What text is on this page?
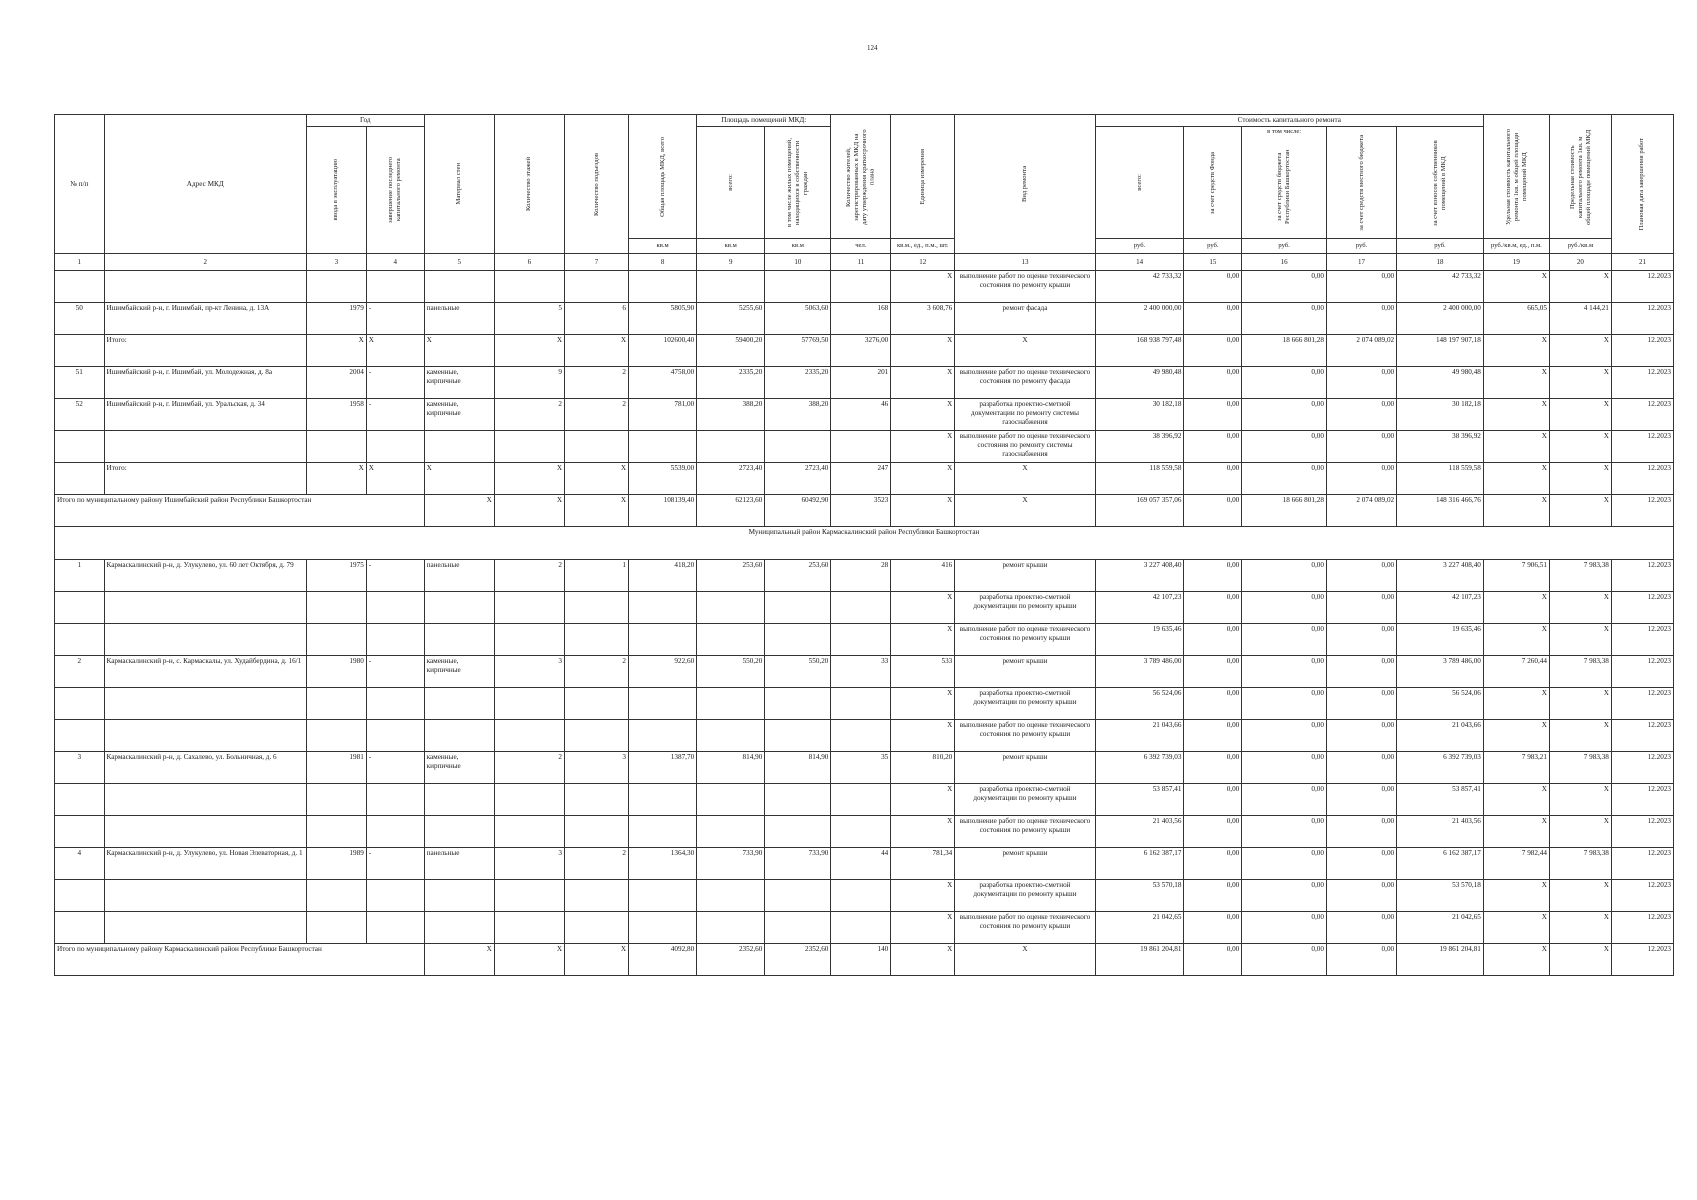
124
№ п/п	Адрес МКД	Год		Материал стен	Количество этажей	Количество подъездов	Общая площадь МКД, всего	Площадь помещений МКД:		Количество жителей, зарегистрированных в МКД на дату утверждения краткосрочного плана	Единица измерения	Вид ремонта	Стоимость капитального ремонта					Удельная стоимость капитального ремонта 1кв. м общей площади помещений МКД	Предельная стоимость капитального ремонта 1кв. м общей площади помещений МКД	Плановая дата завершения работ

		ввода в эксплуатацию	завершение последнего капитального ремонта					всего:	в том числе жилых помещений, находящихся в собственности граждан				всего:	за счет средств Фонда	в том числе:
за счет средств бюджета Республики Башкортостан	за счет средств местного бюджета	за счет взносов собственников помещений в МКД			

							кв.м	кв.м	кв.м	чел.	кв.м., ед., п.м., шт.		руб.	руб.	руб.	руб.	руб.	руб./кв.м, ед., п.м.	руб./кв.м	
1	2	3	4	5	6	7	8	9	10	11	12	13	14	15	16	17	18	19	20	21
											X	выполнение работ по оценке технического состояния по ремонту крыши	42 733,32	0,00	0,00	0,00	42 733,32	X	X	12.2023
50	Ишимбайский р-н, г. Ишимбай, пр-кт Ленина, д. 13А	1979	-	панельные	5	6	5805,90	5255,60	5063,60	168	3 608,76	ремонт фасада	2 400 000,00	0,00	0,00	0,00	2 400 000,00	665,05	4 144,21	12.2023
	Итого:	X	X	X	X	X	102600,40	59400,20	57769,50	3276,00	X	X	168 938 797,48	0,00	18 666 801,28	2 074 089,02	148 197 907,18	X	X	12.2023
51	Ишимбайский р-н, г. Ишимбай, ул. Молодежная, д. 8а	2004	-	каменные, кирпичные	9	2	4758,00	2335,20	2335,20	201	X	выполнение работ по оценке технического состояния по ремонту фасада	49 980,48	0,00	0,00	0,00	49 980,48	X	X	12.2023
52	Ишимбайский р-н, г. Ишимбай, ул. Уральская, д. 34	1958	-	каменные, кирпичные	2	2	781,00	388,20	388,20	46	X	разработка проектно-сметной документации по ремонту системы газоснабжения	30 182,18	0,00	0,00	0,00	30 182,18	X	X	12.2023
											X	выполнение работ по оценке технического состояния по ремонту системы газоснабжения	38 396,92	0,00	0,00	0,00	38 396,92	X	X	12.2023
	Итого:	X	X	X	X	X	5539,00	2723,40	2723,40	247	X	X	118 559,58	0,00	0,00	0,00	118 559,58	X	X	12.2023
Итого по муниципальному району Ишимбайский район Республики Башкортостан				X	X	X	108139,40	62123,60	60492,90	3523	X	X	169 057 357,06	0,00	18 666 801,28	2 074 089,02	148 316 466,76	X	X	12.2023
Муниципальный район Кармаскалинский район Республики Башкортостан																				
1	Кармаскалинский р-н, д. Улукулево, ул. 60 лет Октября, д. 79	1975	-	панельные	2	1	418,20	253,60	253,60	28	416	ремонт крыши	3 227 408,40	0,00	0,00	0,00	3 227 408,40	7 906,51	7 983,38	12.2023
											X	разработка проектно-сметной документации по ремонту крыши	42 107,23	0,00	0,00	0,00	42 107,23	X	X	12.2023
											X	выполнение работ по оценке технического состояния по ремонту крыши	19 635,46	0,00	0,00	0,00	19 635,46	X	X	12.2023
2	Кармаскалинский р-н, с. Кармаскалы, ул. Худайбердина, д. 16/1	1980	-	каменные, кирпичные	3	2	922,60	550,20	550,20	33	533	ремонт крыши	3 789 486,00	0,00	0,00	0,00	3 789 486,00	7 260,44	7 983,38	12.2023
											X	разработка проектно-сметной документации по ремонту крыши	56 524,06	0,00	0,00	0,00	56 524,06	X	X	12.2023
											X	выполнение работ по оценке технического состояния по ремонту крыши	21 043,66	0,00	0,00	0,00	21 043,66	X	X	12.2023
3	Кармаскалинский р-н, д. Сахалево, ул. Больничная, д. 6	1981	-	каменные, кирпичные	2	3	1387,70	814,90	814,90	35	810,20	ремонт крыши	6 392 739,03	0,00	0,00	0,00	6 392 739,03	7 983,21	7 983,38	12.2023
											X	разработка проектно-сметной документации по ремонту крыши	53 857,41	0,00	0,00	0,00	53 857,41	X	X	12.2023
											X	выполнение работ по оценке технического состояния по ремонту крыши	21 403,56	0,00	0,00	0,00	21 403,56	X	X	12.2023
4	Кармаскалинский р-н, д. Улукулево, ул. Новая Элеваторная, д. 1	1989	-	панельные	3	2	1364,30	733,90	733,90	44	781,34	ремонт крыши	6 162 387,17	0,00	0,00	0,00	6 162 387,17	7 982,44	7 983,38	12.2023
											X	разработка проектно-сметной документации по ремонту крыши	53 570,18	0,00	0,00	0,00	53 570,18	X	X	12.2023
											X	выполнение работ по оценке технического состояния по ремонту крыши	21 042,65	0,00	0,00	0,00	21 042,65	X	X	12.2023
Итого по муниципальному району Кармаскалинский район Республики Башкортостан				X	X	X	4092,80	2352,60	2352,60	140	X	X	19 861 204,81	0,00	0,00	0,00	19 861 204,81	X	X	12.2023
